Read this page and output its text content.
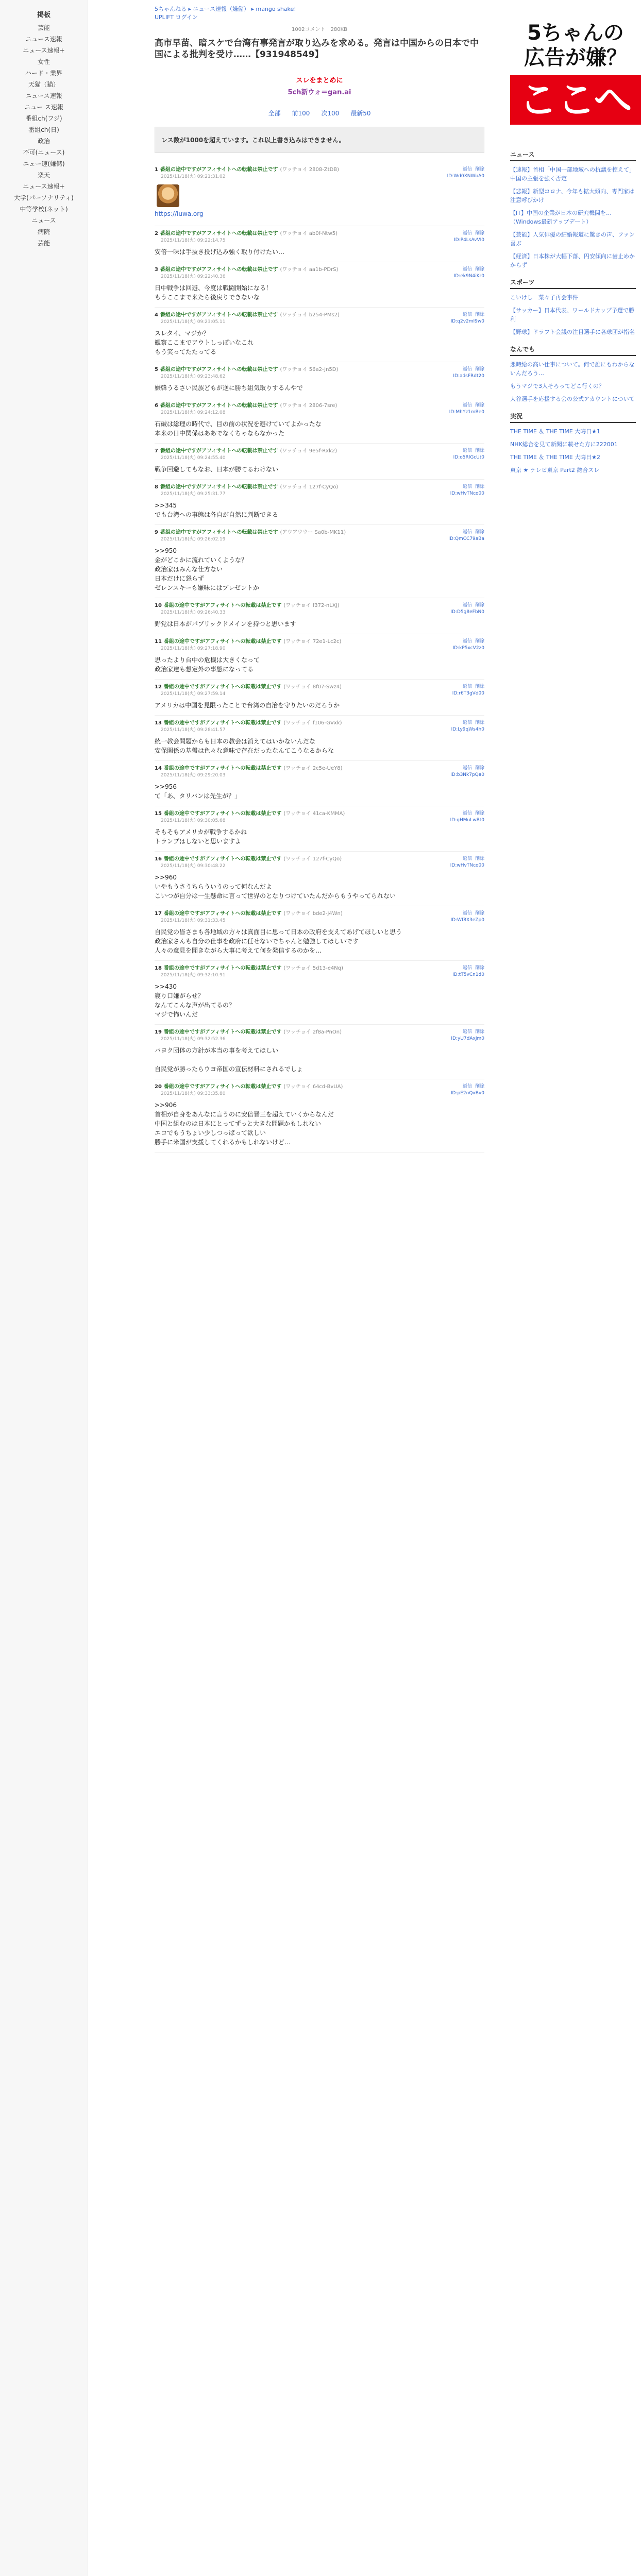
掲板
芸能
ニュース速報
ニュース速報+
女性
ハード・業界
天猫（猫）
ニュース速報
ニュー ス速報
番組ch(フジ)
番組ch(日)
政治
不可(ニュース)
ニュー速(嫌儲)
楽天
ニュース速報+
大学(パーソナリティ)
中等学校(ネット)
ニュース
病院
芸能
5ちゃんねる ▸ ニュース速報（嫌儲） ▸ mango shake!
UPLIFT ログイン
1002コメント　280KB
高市早苗、暗スケで台湾有事発言が取り込みを求める。発言は中国からの日本で中国による批判を受け……【931948549】
スレをまとめに
5ch新ウォ＝gan.ai
全部 前100 次100 最新50
レス数が1000を超えています。これ以上書き込みはできません。
1 番組の途中ですがアフィサイトへの転載は禁止です (ワッチョイ 2808-ZtDB)
2025/11/18(火) 09:21:31.02
返信 削除
ID:Wd0XNWbA0
https://iuwa.org
2 番組の途中ですがアフィサイトへの転載は禁止です (ワッチョイ ab0f-Ntw5)
2025/11/18(火) 09:22:14.75
返信 削除
ID:P4LsAvVI0
安倍一味は手抜き投げ込み強く取り付けたい…
3 番組の途中ですがアフィサイトへの転載は禁止です (ワッチョイ aa1b-PDrS)
2025/11/18(火) 09:22:40.36
返信 削除
ID:ek9N4iKr0
日中戦争は回避、今度は戦闘開始になる！
もうここまで来たら後戻りできないな
4 番組の途中ですがアフィサイトへの転載は禁止です (ワッチョイ b254-PMs2)
2025/11/18(火) 09:23:05.11
返信 削除
ID:q2v2mI9w0
スレタイ、マジか？
観察ここまでアウトしっぽいなこれ
もう笑ってたたってる
5 番組の途中ですがアフィサイトへの転載は禁止です (ワッチョイ 56a2-Jn5D)
2025/11/18(火) 09:23:48.62
返信 削除
ID:adsFRdt20
嫌韓うるさい民族どもが逆に勝ち組気取りするんやで
6 番組の途中ですがアフィサイトへの転載は禁止です (ワッチョイ 2806-7sre)
2025/11/18(火) 09:24:12.08
返信 削除
ID:MhYz1mBe0
石破は総理の時代で、目の前の状況を避けていてよかったな
本来の日中関係はああでなくちゃならなかった
7 番組の途中ですがアフィサイトへの転載は禁止です (ワッチョイ 9e5f-Rxk2)
2025/11/18(火) 09:24:55.40
返信 削除
ID:o5RlGcUt0
戦争回避してもなお、日本が勝てるわけない
8 番組の途中ですがアフィサイトへの転載は禁止です (ワッチョイ 127f-CyQo)
2025/11/18(火) 09:25:31.77
返信 削除
ID:wHvTNco00
>>345
でも台湾への事態は各自が自然に判断できる
9 番組の途中ですがアフィサイトへの転載は禁止です (アウアウウー Sa0b-MK11)
2025/11/18(火) 09:26:02.19
返信 削除
ID:QmCC79aBa
>>950
金がどこかに流れていくような？
政治家はみんな仕方ない
日本だけに怒らず
ゼレンスキーも嫌味にはプレゼントか
10 番組の途中ですがアフィサイトへの転載は禁止です (ワッチョイ f372-nLXJ)
2025/11/18(火) 09:26:40.33
返信 削除
ID:D5g8eFbN0
野党は日本がパブリックドメインを持つと思います
11 番組の途中ですがアフィサイトへの転載は禁止です (ワッチョイ 72e1-Lc2c)
2025/11/18(火) 09:27:18.90
返信 削除
ID:kP5xcV2z0
思ったより台中の危機は大きくなって
政治家達も想定外の事態になってる
12 番組の途中ですがアフィサイトへの転載は禁止です (ワッチョイ 8f07-Swz4)
2025/11/18(火) 09:27:59.14
返信 削除
ID:r6T3gVd00
アメリカは中国を見限ったことで台湾の自治を守りたいのだろうか
13 番組の途中ですがアフィサイトへの転載は禁止です (ワッチョイ f106-GVxk)
2025/11/18(火) 09:28:41.57
返信 削除
ID:Ly9qWs4h0
統一教会問題からも日本の教会は消えてはいかないんだな
安保関係の基盤は色々な意味で存在だったなんてこうなるからな
14 番組の途中ですがアフィサイトへの転載は禁止です (ワッチョイ 2c5e-UeY8)
2025/11/18(火) 09:29:20.03
返信 削除
ID:b3Nk7pQa0
>>956
て「あ、タリバンは先生が？」
15 番組の途中ですがアフィサイトへの転載は禁止です (ワッチョイ 41ca-KMMA)
2025/11/18(火) 09:30:05.68
返信 削除
ID:gHMuLwBt0
そもそもアメリカが戦争するかね
トランプはしないと思いますよ
16 番組の途中ですがアフィサイトへの転載は禁止です (ワッチョイ 127f-CyQo)
2025/11/18(火) 09:30:48.22
返信 削除
ID:wHvTNco00
>>960
いやもうさうちらういうのって何なんだよ
こいつが自分は一生懸命に言って世界のとなりつけていたんだからもうやってられない
17 番組の途中ですがアフィサイトへの転載は禁止です (ワッチョイ bde2-j4Wn)
2025/11/18(火) 09:31:33.45
返信 削除
ID:Wf8X3eZp0
自民党の皆さまも各地域の方々は真面目に思って日本の政府を支えてあげてほしいと思う
政治家さんも自分の仕事を政府に任せないでちゃんと勉強してほしいです
人々の意見を聞きながら大事に考えて何を発信するのかを…
18 番組の途中ですがアフィサイトへの転載は禁止です (ワッチョイ 5d13-e4Nq)
2025/11/18(火) 09:32:10.91
返信 削除
ID:tT5vCn1d0
>>430
寝り口嫌がらせ？
なんてこんな声が出てるの？
マジで怖いんだ
19 番組の途中ですがアフィサイトへの転載は禁止です (ワッチョイ 2f8a-PnOn)
2025/11/18(火) 09:32:52.36
返信 削除
ID:yU7dAxJm0
パヨク団体の方針が本当の事を考えてほしい

自民党が勝ったらウヨ帝国の宣伝材料にされるでしょ
20 番組の途中ですがアフィサイトへの転載は禁止です (ワッチョイ 64cd-BvUA)
2025/11/18(火) 09:33:35.80
返信 削除
ID:pE2nQxBv0
>>906
首相が自身をあんなに言うのに安倍晋三を超えていくからなんだ
中国と組むのは日本にとってずっと大きな問題かもしれない
エコでもうちょい少しつっぱって欲しい
勝手に米国が支援してくれるかもしれないけど…
5ちゃんの
広告が嫌？
ここへ
ニュース
【速報】首相「中国一部地域への抗議を控えて」中国の主張を強く否定
【悲報】新型コロナ、今年も拡大傾向、専門家は注意呼びかけ
【IT】中国の企業が日本の研究機関を…（Windows最新アップデート）
【芸能】人気俳優の結婚報道に驚きの声、ファン喜ぶ
【経済】日本株が大幅下落、円安傾向に歯止めかからず
スポーツ
こいけし　菜々子再会事件
【サッカー】日本代表、ワールドカップ予選で勝利
【野球】ドラフト会議の注目選手に各球団が指名
なんでも
悪時給の高い仕事について。何で誰にもわからないんだろう…
もうマジで3人そろってどこ行くの？
大谷選手を応援する会の公式アカウントについて
実況
THE TIME ＆ THE TIME 大晦日★1
NHK総合を見て新聞に載せた方に222001
THE TIME ＆ THE TIME 大晦日★2
東京 ★ テレビ東京 Part2 総合スレ
